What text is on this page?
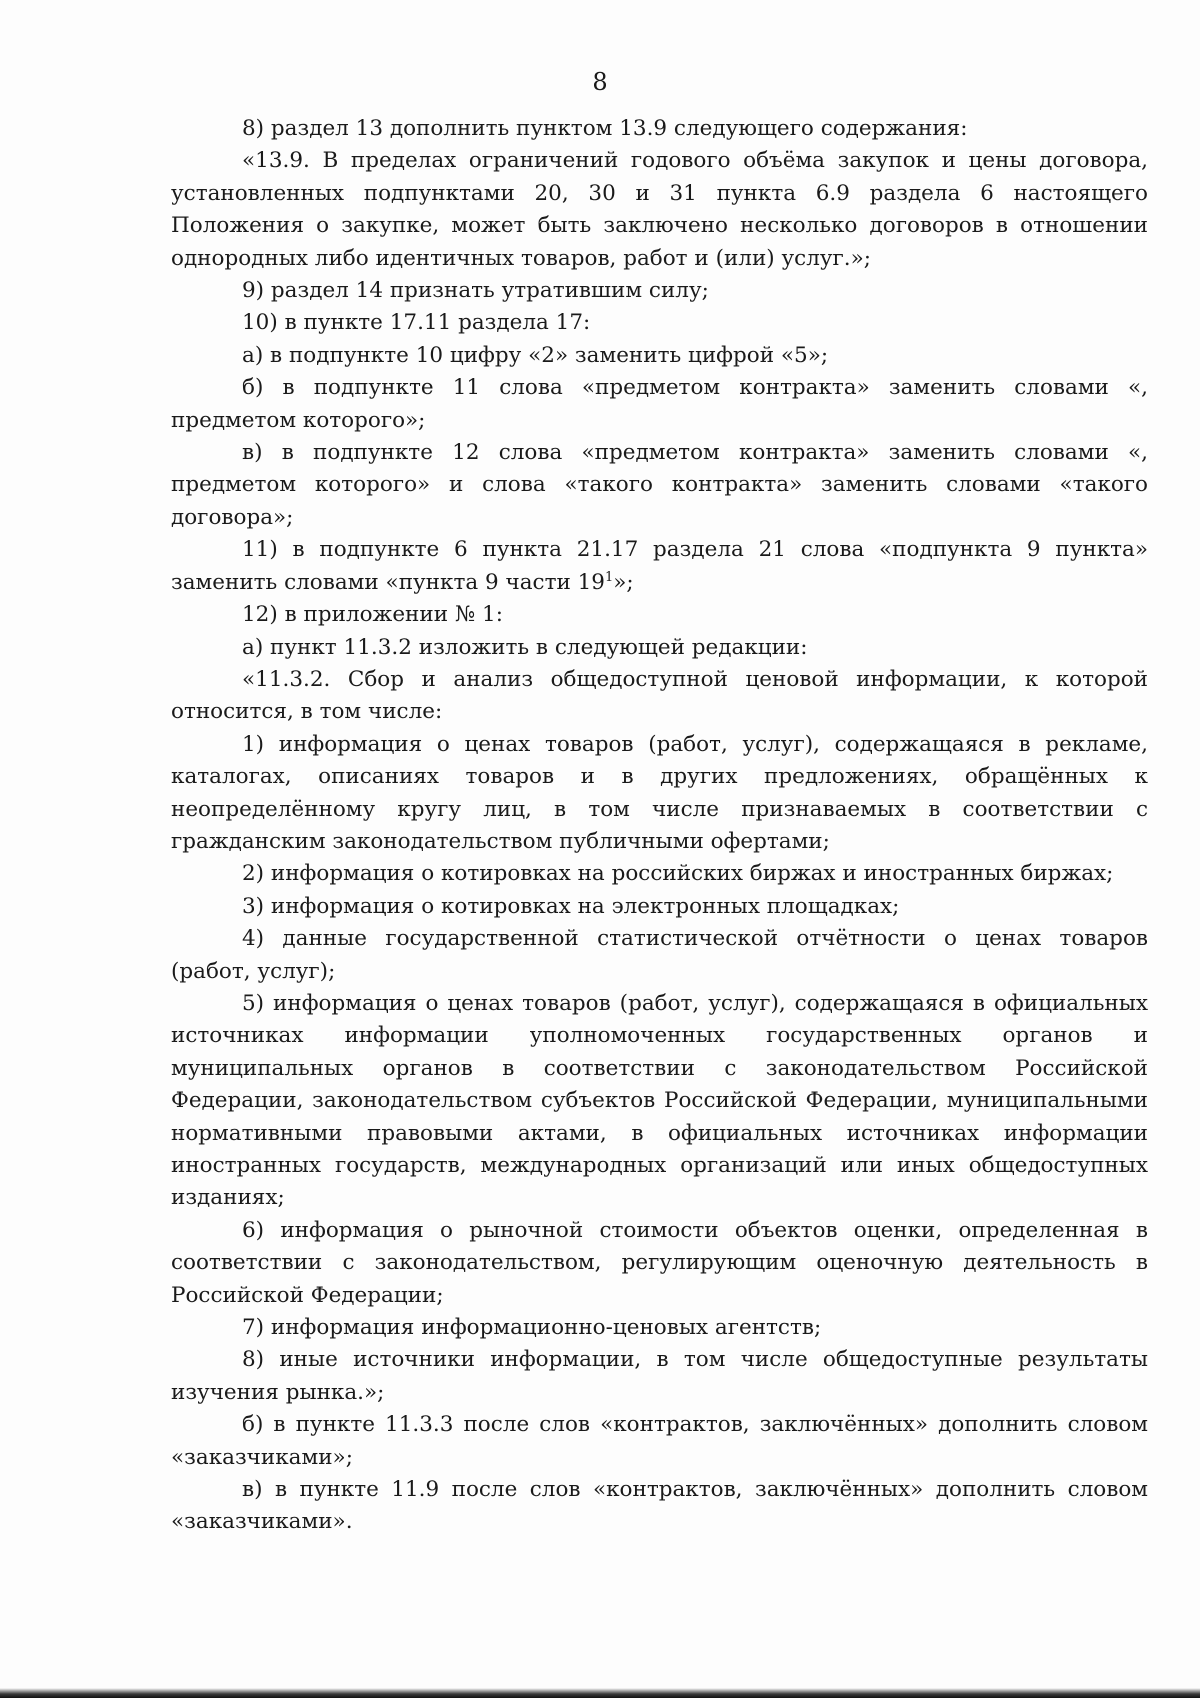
8

8) раздел 13 дополнить пунктом 13.9 следующего содержания:

«13.9. В пределах ограничений годового объёма закупок и цены договора, установленных подпунктами 20, 30 и 31 пункта 6.9 раздела 6 настоящего Положения о закупке, может быть заключено несколько договоров в отношении однородных либо идентичных товаров, работ и (или) услуг.»;

9) раздел 14 признать утратившим силу;

10) в пункте 17.11 раздела 17:

а) в подпункте 10 цифру «2» заменить цифрой «5»;

б) в подпункте 11 слова «предметом контракта» заменить словами «, предметом которого»;

в) в подпункте 12 слова «предметом контракта» заменить словами «, предметом которого» и слова «такого контракта» заменить словами «такого договора»;

11) в подпункте 6 пункта 21.17 раздела 21 слова «подпункта 9 пункта» заменить словами «пункта 9 части $19^1$»;

12) в приложении № 1:

а) пункт 11.3.2 изложить в следующей редакции:

«11.3.2. Сбор и анализ общедоступной ценовой информации, к которой относится, в том числе:

1) информация о ценах товаров (работ, услуг), содержащаяся в рекламе, каталогах, описаниях товаров и в других предложениях, обращённых к неопределённому кругу лиц, в том числе признаваемых в соответствии с гражданским законодательством публичными офертами;

2) информация о котировках на российских биржах и иностранных биржах;

3) информация о котировках на электронных площадках;

4) данные государственной статистической отчётности о ценах товаров (работ, услуг);

5) информация о ценах товаров (работ, услуг), содержащаяся в официальных источниках информации уполномоченных государственных органов и муниципальных органов в соответствии с законодательством Российской Федерации, законодательством субъектов Российской Федерации, муниципальными нормативными правовыми актами, в официальных источниках информации иностранных государств, международных организаций или иных общедоступных изданиях;

6) информация о рыночной стоимости объектов оценки, определенная в соответствии с законодательством, регулирующим оценочную деятельность в Российской Федерации;

7) информация информационно-ценовых агентств;

8) иные источники информации, в том числе общедоступные результаты изучения рынка.»;

б) в пункте 11.3.3 после слов «контрактов, заключённых» дополнить словом «заказчиками»;

в) в пункте 11.9 после слов «контрактов, заключённых» дополнить словом «заказчиками».
